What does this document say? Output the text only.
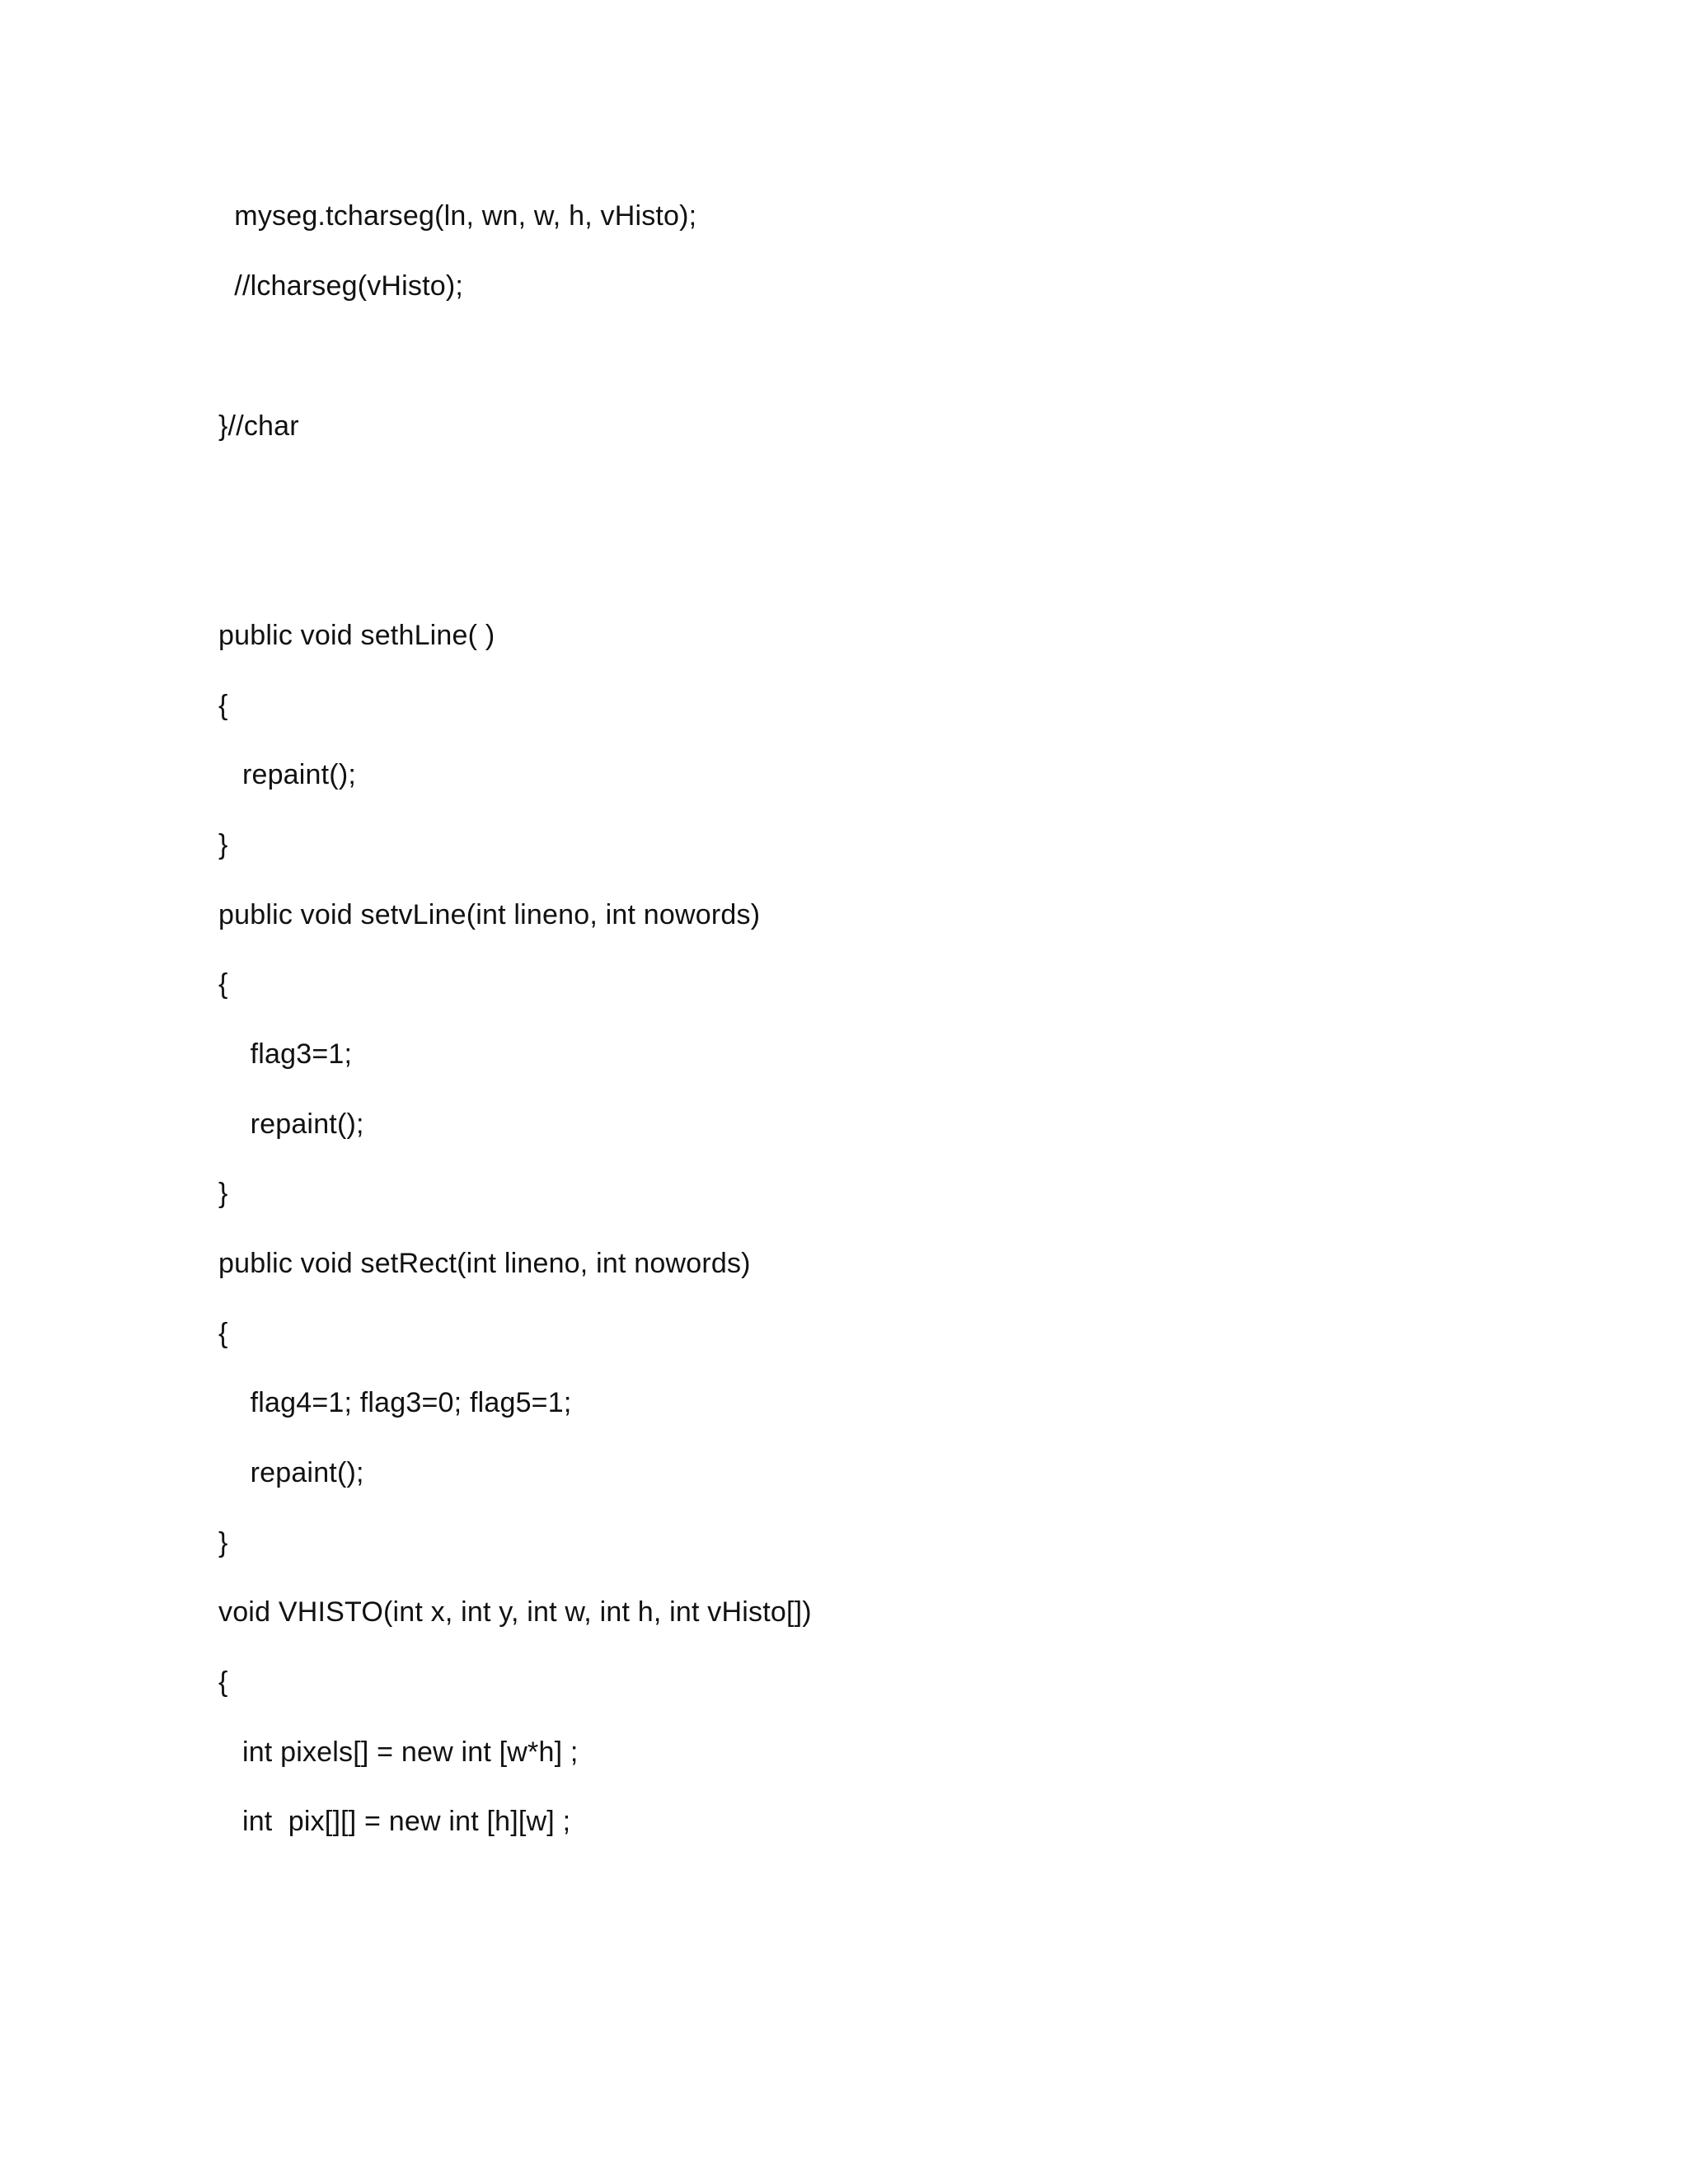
myseg.tcharseg(ln, wn, w, h, vHisto);
//lcharseg(vHisto);
}//char
public void sethLine( )
{
repaint();
}
public void setvLine(int lineno, int nowords)
{
flag3=1;
repaint();
}
public void setRect(int lineno, int nowords)
{
flag4=1; flag3=0; flag5=1;
repaint();
}
void VHISTO(int x, int y, int w, int h, int vHisto[])
{
int pixels[] = new int [w*h] ;
int  pix[][] = new int [h][w] ;
